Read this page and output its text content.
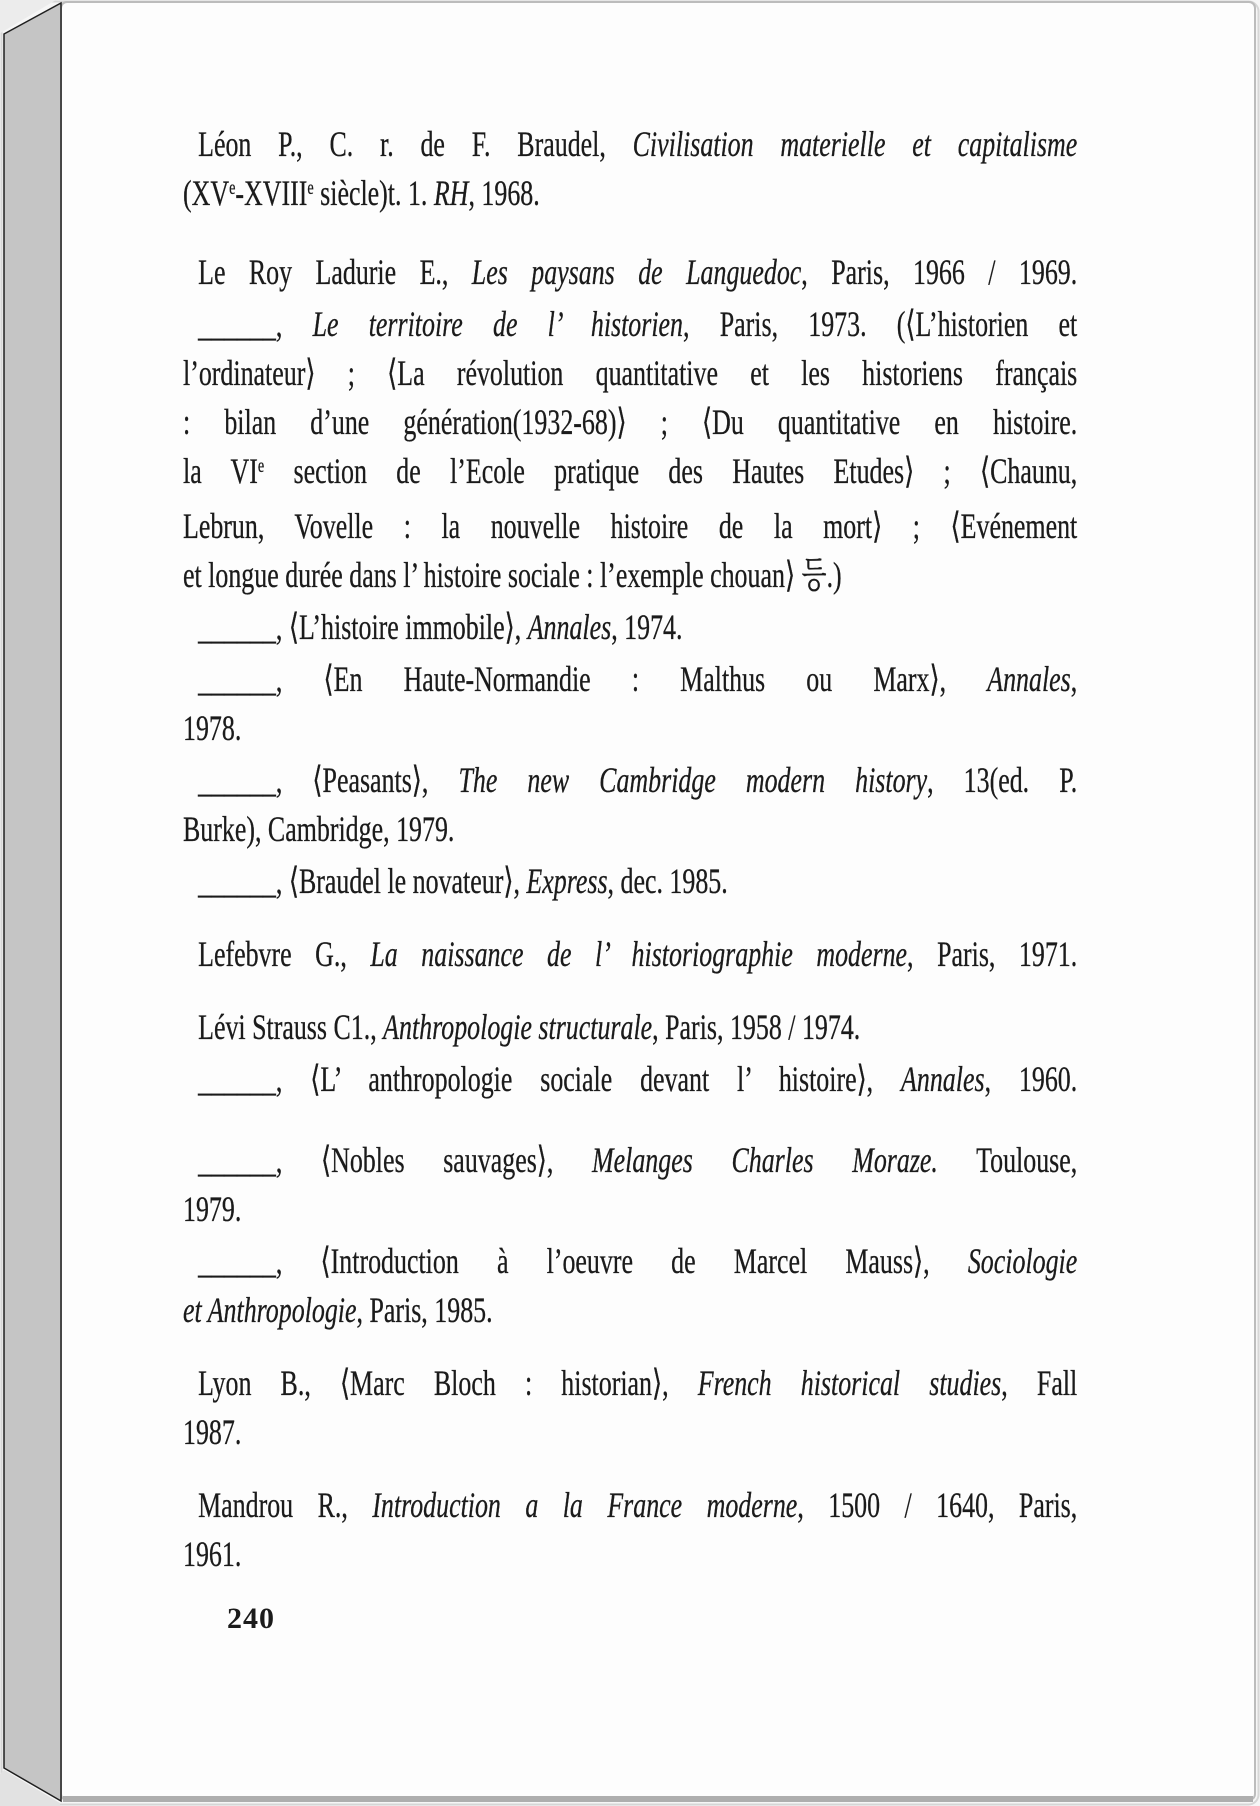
Léon P., C. r. de F. Braudel, Civilisation materielle et capitalisme
(XVe-XVIIIe siècle)t. 1. RH, 1968.
Le Roy Ladurie E., Les paysans de Languedoc, Paris, 1966 / 1969.
______, Le territoire de l’ historien, Paris, 1973. (⟨L’historien et
l’ordinateur⟩ ; ⟨La révolution quantitative et les historiens français
: bilan d’une génération(1932-68)⟩ ; ⟨Du quantitative en histoire.
la VIe section de l’Ecole pratique des Hautes Etudes⟩ ; ⟨Chaunu,
Lebrun, Vovelle : la nouvelle histoire de la mort⟩ ; ⟨Evénement
et longue durée dans l’ histoire sociale : l’exemple chouan⟩ 등.)
______, ⟨L’histoire immobile⟩, Annales, 1974.
______, ⟨En Haute-Normandie : Malthus ou Marx⟩, Annales,
1978.
______, ⟨Peasants⟩, The new Cambridge modern history, 13(ed. P.
Burke), Cambridge, 1979.
______, ⟨Braudel le novateur⟩, Express, dec. 1985.
Lefebvre G., La naissance de l’ historiographie moderne, Paris, 1971.
Lévi Strauss C1., Anthropologie structurale, Paris, 1958 / 1974.
______, ⟨L’ anthropologie sociale devant l’ histoire⟩, Annales, 1960.
______, ⟨Nobles sauvages⟩, Melanges Charles Moraze. Toulouse,
1979.
______, ⟨Introduction à l’oeuvre de Marcel Mauss⟩, Sociologie
et Anthropologie, Paris, 1985.
Lyon B., ⟨Marc Bloch : historian⟩, French historical studies, Fall
1987.
Mandrou R., Introduction a la France moderne, 1500 / 1640, Paris,
1961.
240
